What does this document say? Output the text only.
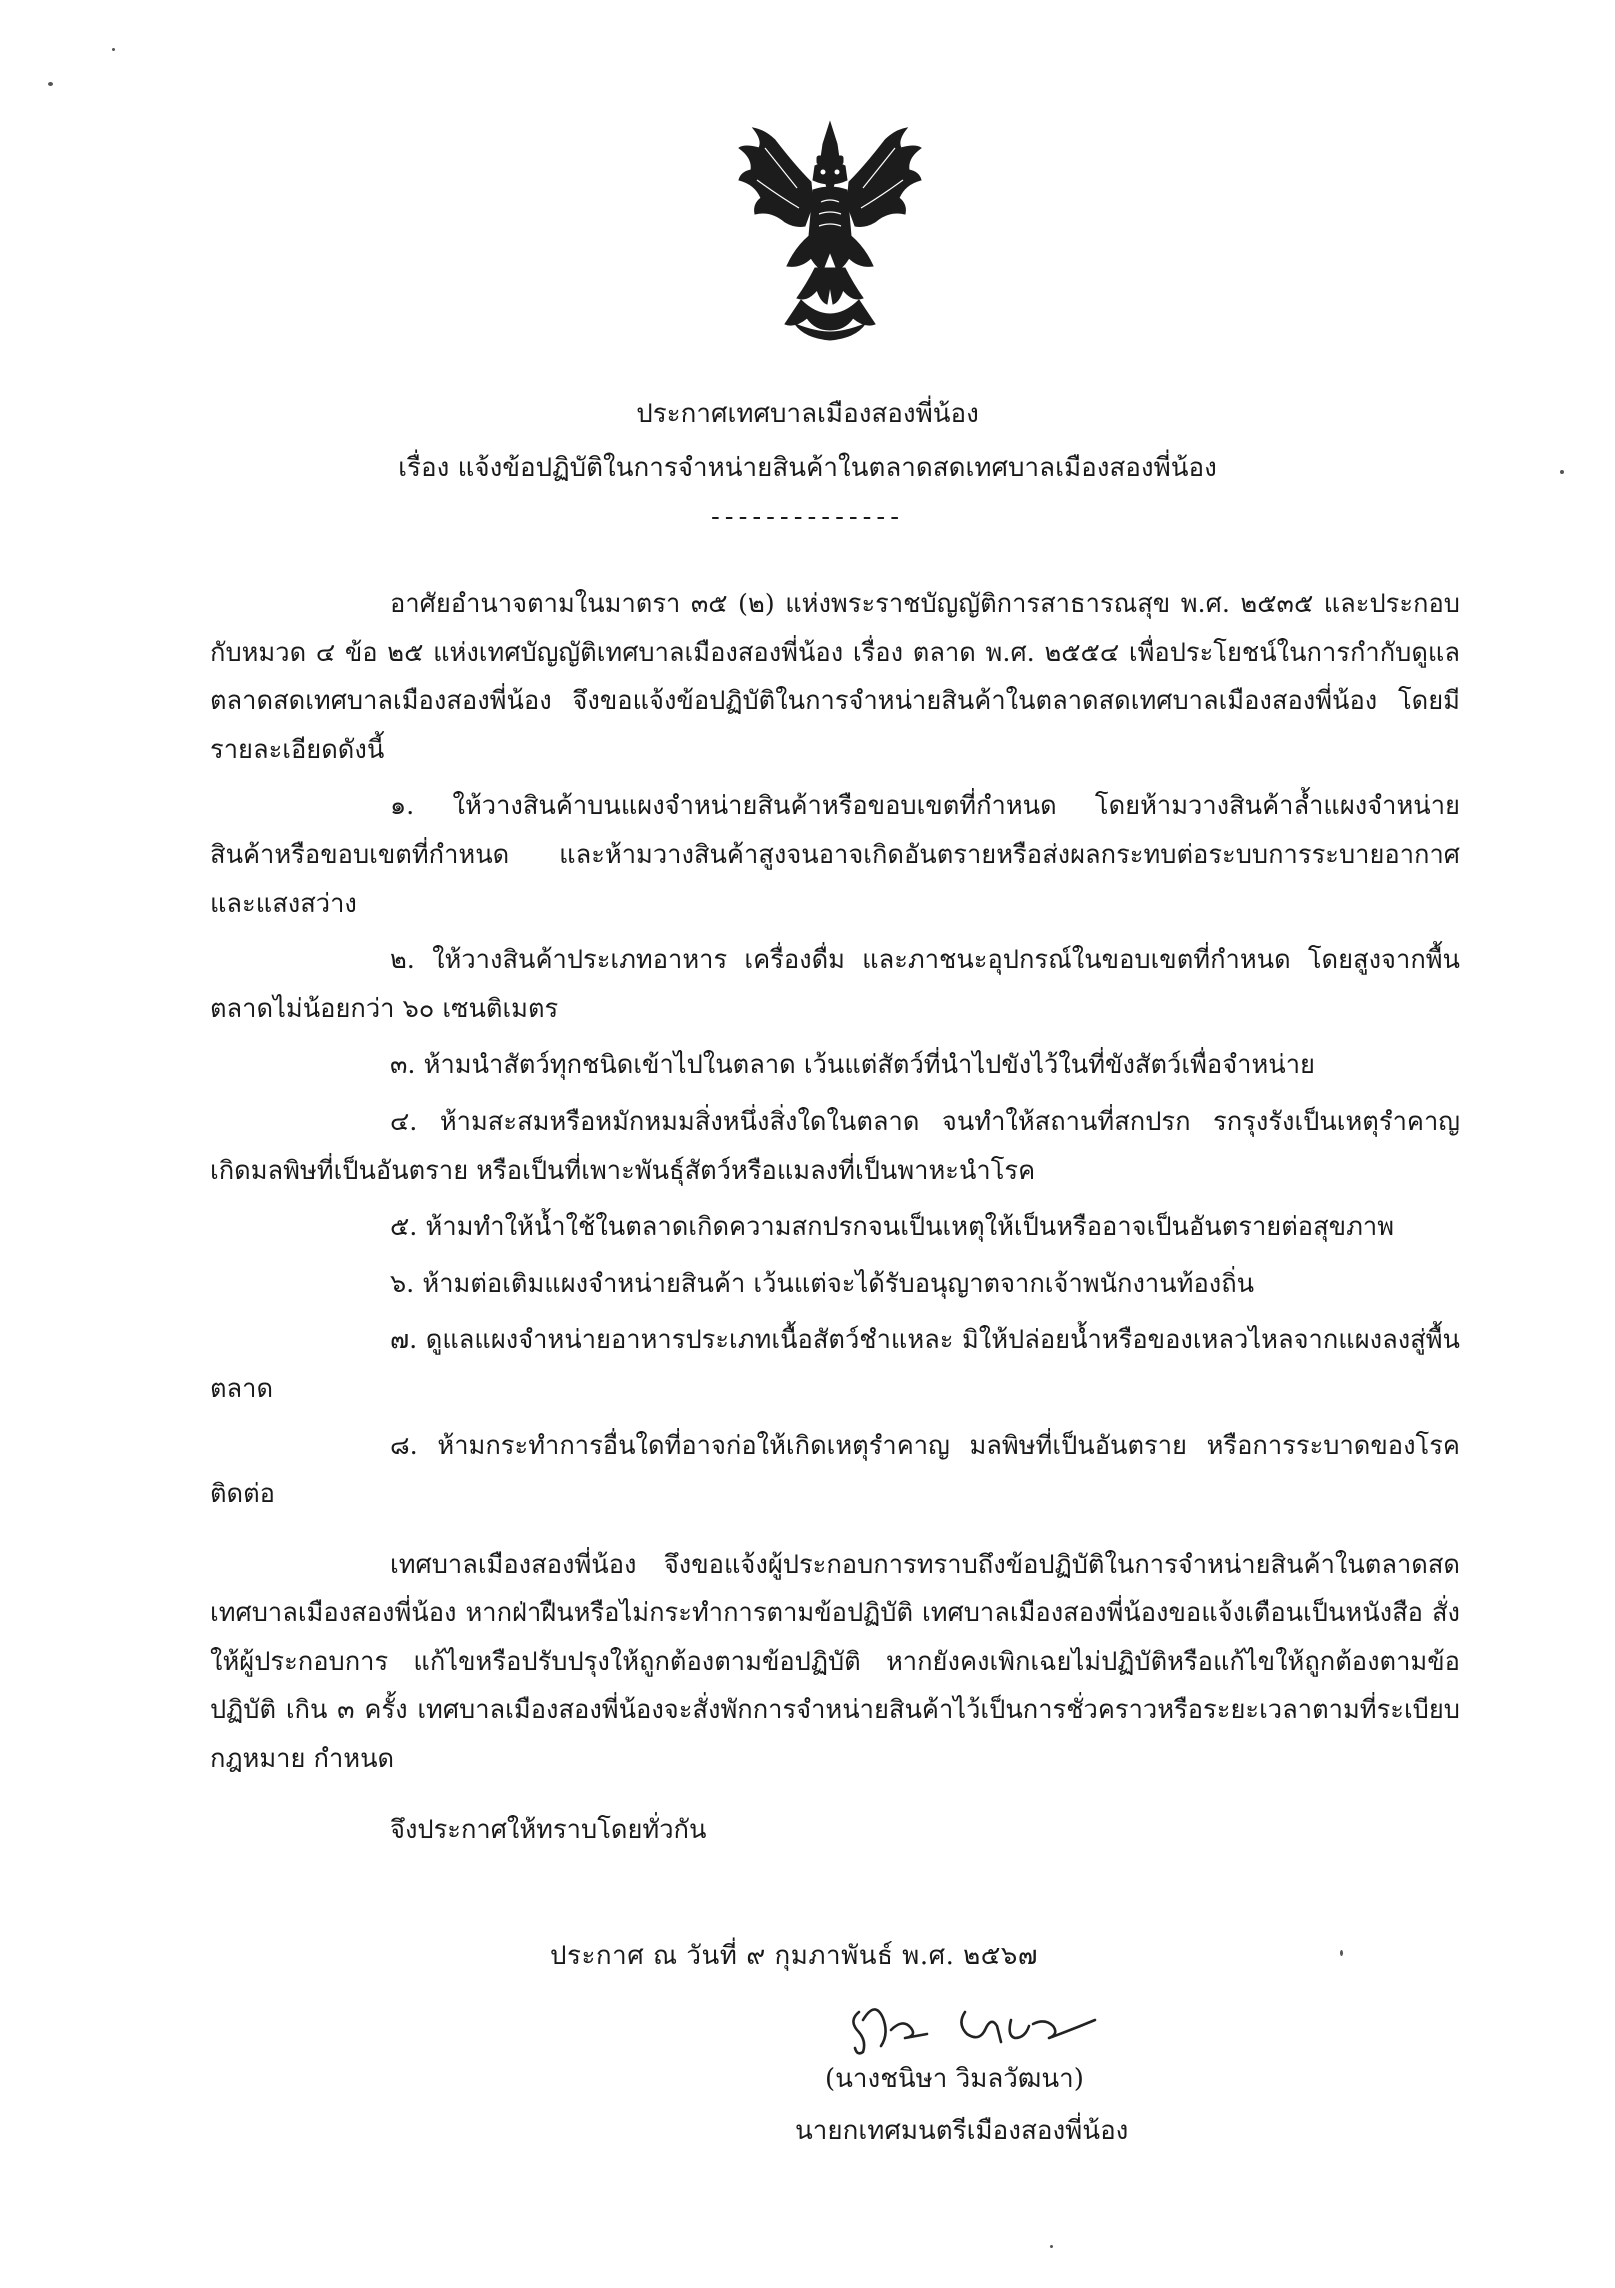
ประกาศเทศบาลเมืองสองพี่น้อง
เรื่อง แจ้งข้อปฏิบัติในการจำหน่ายสินค้าในตลาดสดเทศบาลเมืองสองพี่น้อง
--------------

อาศัยอำนาจตามในมาตรา ๓๕ (๒) แห่งพระราชบัญญัติการสาธารณสุข พ.ศ. ๒๕๓๕ และประกอบกับหมวด ๔ ข้อ ๒๕ แห่งเทศบัญญัติเทศบาลเมืองสองพี่น้อง เรื่อง ตลาด พ.ศ. ๒๕๕๔ เพื่อประโยชน์ในการกำกับดูแลตลาดสดเทศบาลเมืองสองพี่น้อง จึงขอแจ้งข้อปฏิบัติในการจำหน่ายสินค้าในตลาดสดเทศบาลเมืองสองพี่น้อง โดยมีรายละเอียดดังนี้

๑. ให้วางสินค้าบนแผงจำหน่ายสินค้าหรือขอบเขตที่กำหนด โดยห้ามวางสินค้าล้ำแผงจำหน่ายสินค้าหรือขอบเขตที่กำหนด และห้ามวางสินค้าสูงจนอาจเกิดอันตรายหรือส่งผลกระทบต่อระบบการระบายอากาศ และแสงสว่าง

๒. ให้วางสินค้าประเภทอาหาร เครื่องดื่ม และภาชนะอุปกรณ์ในขอบเขตที่กำหนด โดยสูงจากพื้นตลาดไม่น้อยกว่า ๖๐ เซนติเมตร

๓. ห้ามนำสัตว์ทุกชนิดเข้าไปในตลาด เว้นแต่สัตว์ที่นำไปขังไว้ในที่ขังสัตว์เพื่อจำหน่าย

๔. ห้ามสะสมหรือหมักหมมสิ่งหนึ่งสิ่งใดในตลาด จนทำให้สถานที่สกปรก รกรุงรังเป็นเหตุรำคาญ เกิดมลพิษที่เป็นอันตราย หรือเป็นที่เพาะพันธุ์สัตว์หรือแมลงที่เป็นพาหะนำโรค

๕. ห้ามทำให้น้ำใช้ในตลาดเกิดความสกปรกจนเป็นเหตุให้เป็นหรืออาจเป็นอันตรายต่อสุขภาพ

๖. ห้ามต่อเติมแผงจำหน่ายสินค้า เว้นแต่จะได้รับอนุญาตจากเจ้าพนักงานท้องถิ่น

๗. ดูแลแผงจำหน่ายอาหารประเภทเนื้อสัตว์ชำแหละ มิให้ปล่อยน้ำหรือของเหลวไหลจากแผงลงสู่พื้นตลาด

๘. ห้ามกระทำการอื่นใดที่อาจก่อให้เกิดเหตุรำคาญ มลพิษที่เป็นอันตราย หรือการระบาดของโรคติดต่อ

เทศบาลเมืองสองพี่น้อง จึงขอแจ้งผู้ประกอบการทราบถึงข้อปฏิบัติในการจำหน่ายสินค้าในตลาดสดเทศบาลเมืองสองพี่น้อง หากฝ่าฝืนหรือไม่กระทำการตามข้อปฏิบัติ เทศบาลเมืองสองพี่น้องขอแจ้งเตือนเป็นหนังสือ สั่งให้ผู้ประกอบการ แก้ไขหรือปรับปรุงให้ถูกต้องตามข้อปฏิบัติ หากยังคงเพิกเฉยไม่ปฏิบัติหรือแก้ไขให้ถูกต้องตามข้อปฏิบัติ เกิน ๓ ครั้ง เทศบาลเมืองสองพี่น้องจะสั่งพักการจำหน่ายสินค้าไว้เป็นการชั่วคราวหรือระยะเวลาตามที่ระเบียบ กฎหมาย กำหนด

จึงประกาศให้ทราบโดยทั่วกัน

ประกาศ ณ วันที่ ๙ กุมภาพันธ์ พ.ศ. ๒๕๖๗
(นางชนิษา วิมลวัฒนา)
นายกเทศมนตรีเมืองสองพี่น้อง
